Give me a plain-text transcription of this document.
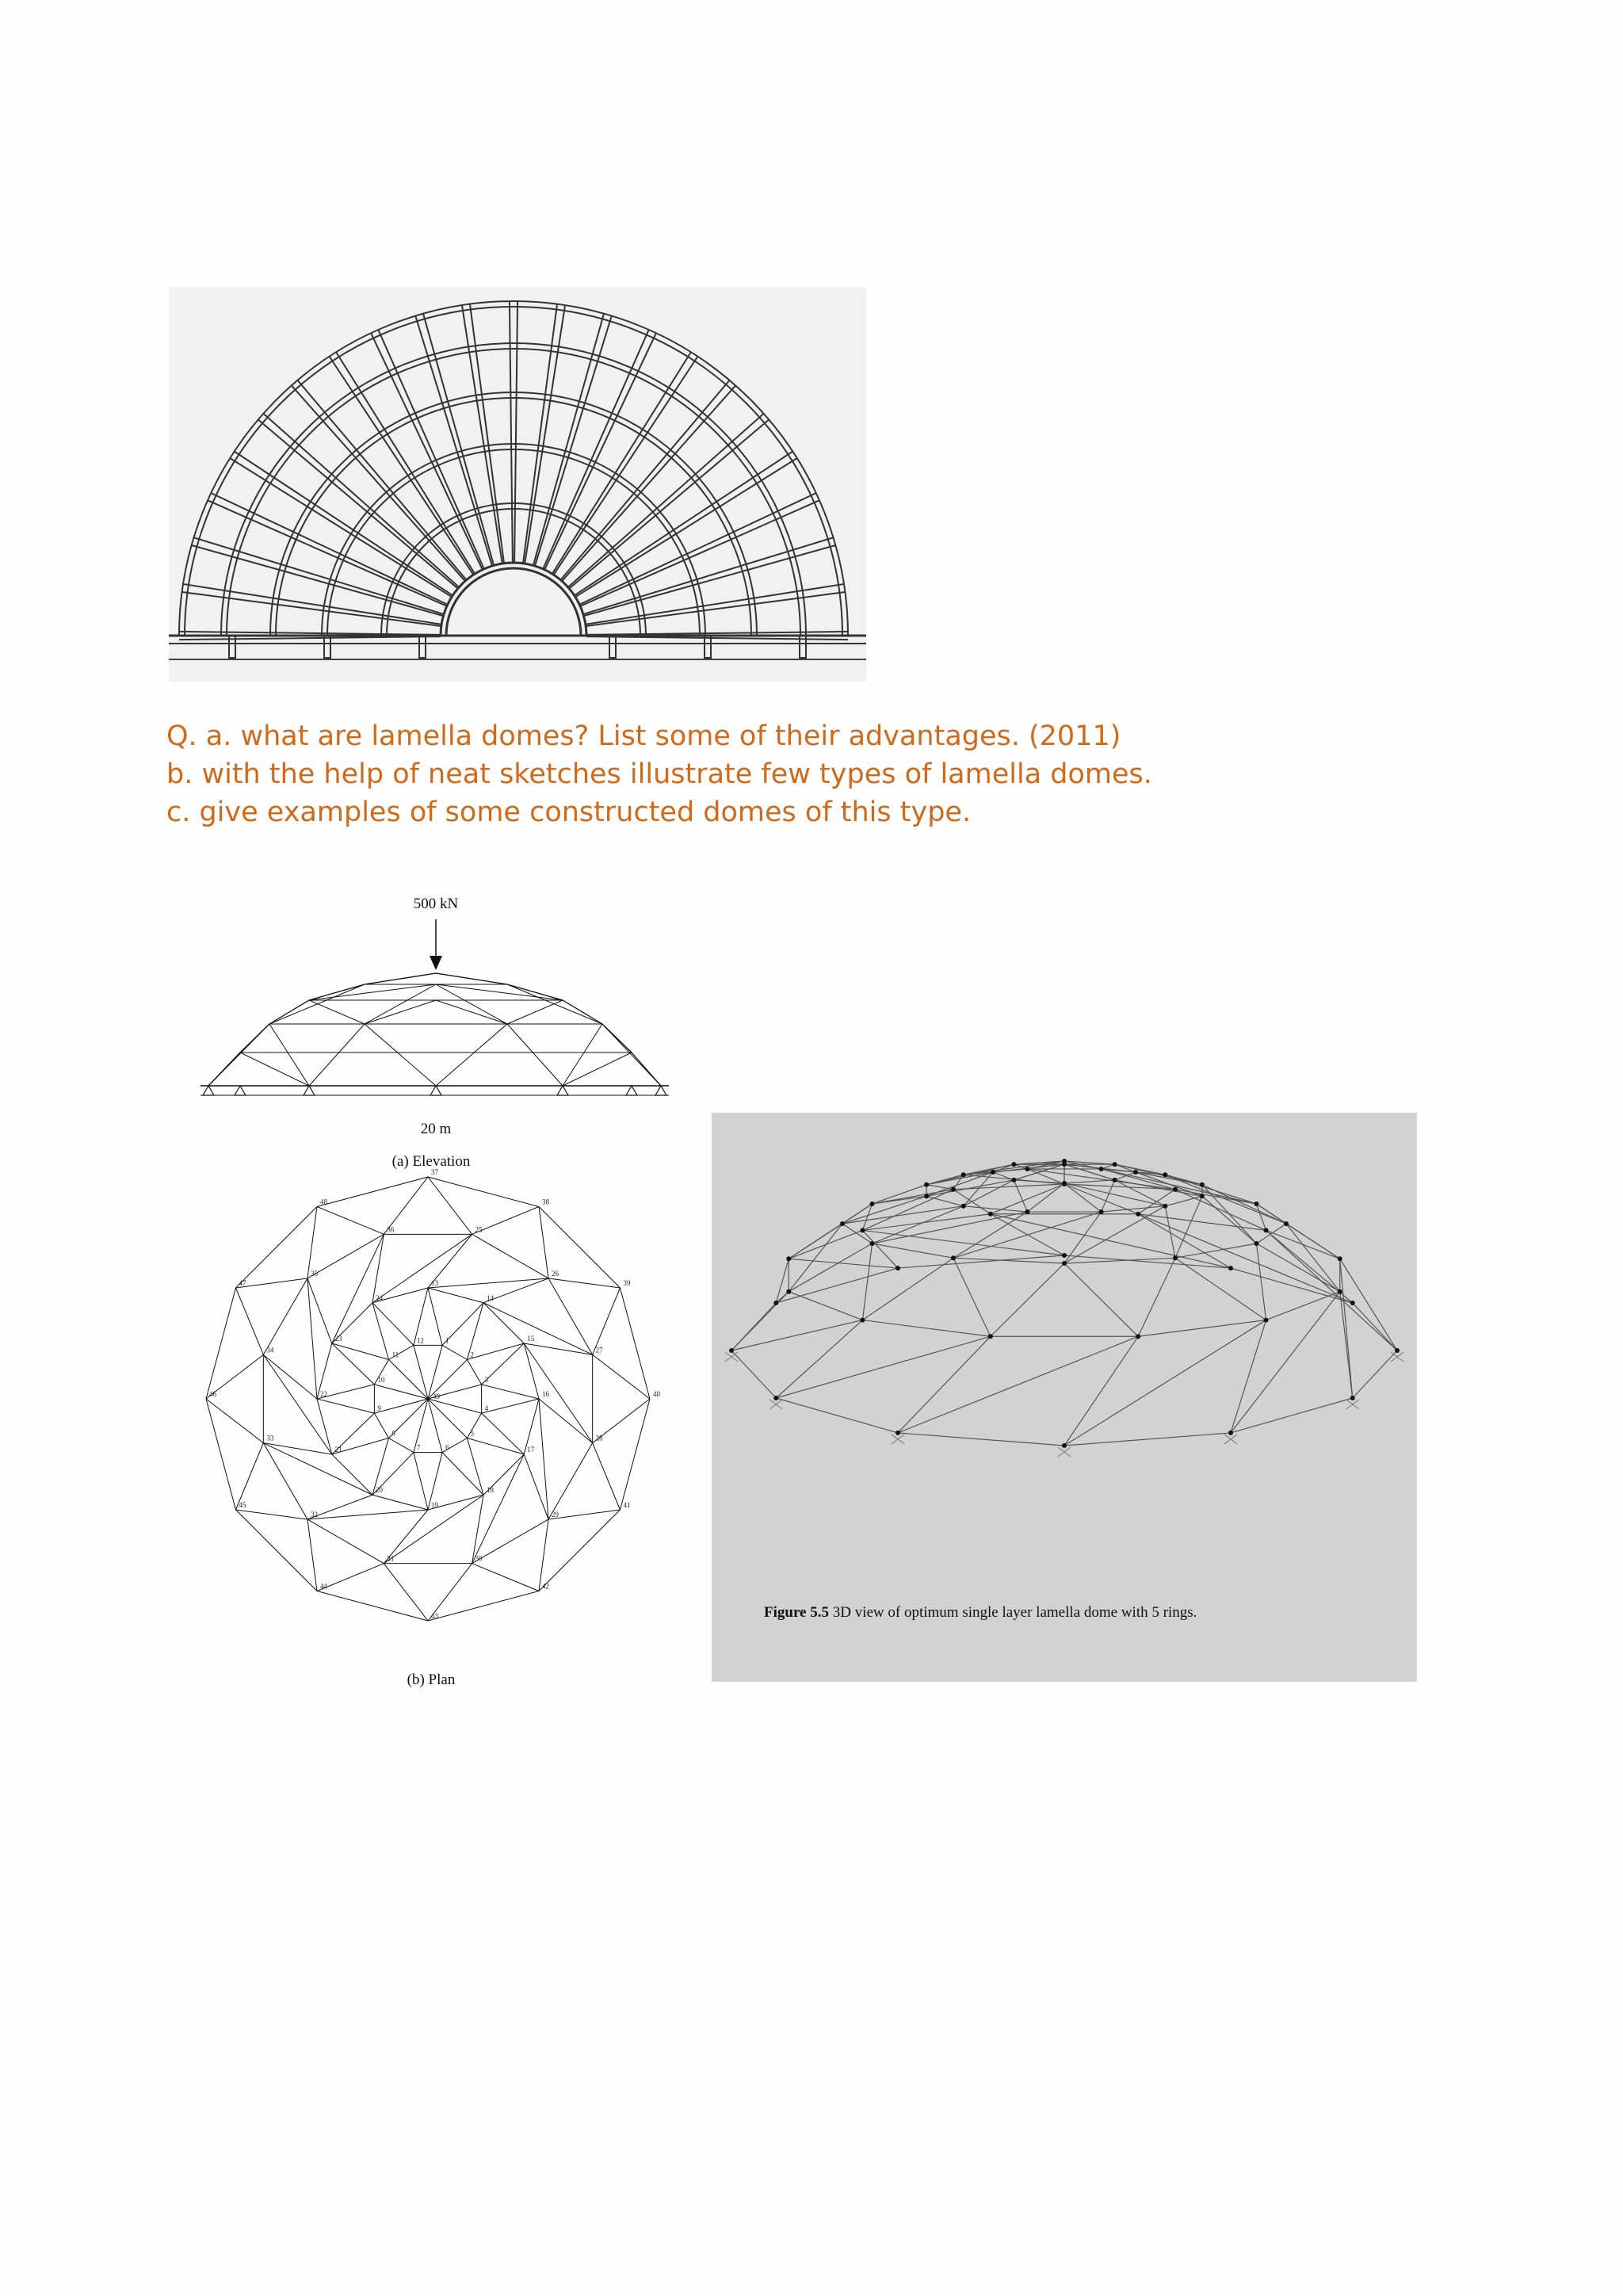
Q. a. what are lamella domes? List some of their advantages. (2011)
b. with the help of neat sketches illustrate few types of lamella domes.
c. give examples of some constructed domes of this type.
500 kN
20 m
(a) Elevation
(b) Plan
1
2
3
4
5
6
7
8
9
10
11
12
13
14
15
16
17
18
19
20
21
22
23
24
25
26
27
28
29
30
31
32
33
34
35
36
37
38
39
40
41
42
43
44
45
46
47
48
49
Figure 5.5 3D view of optimum single layer lamella dome with 5 rings.
